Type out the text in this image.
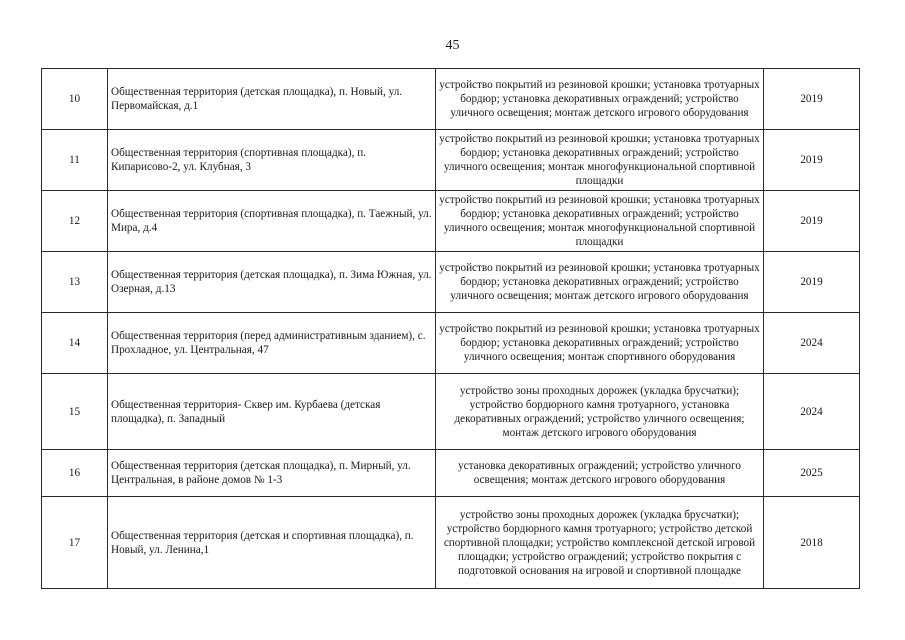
45
10	Общественная территория (детская площадка), п. Новый, ул. Первомайская, д.1	устройство покрытий из резиновой крошки; установка тротуарных бордюр; установка декоративных ограждений; устройство уличного освещения; монтаж детского игрового оборудования	2019
11	Общественная территория (спортивная площадка), п. Кипарисово-2, ул. Клубная, 3	устройство покрытий из резиновой крошки; установка тротуарных бордюр; установка декоративных ограждений; устройство уличного освещения; монтаж многофункциональной спортивной площадки	2019
12	Общественная территория (спортивная площадка), п. Таежный, ул. Мира, д.4	устройство покрытий из резиновой крошки; установка тротуарных бордюр; установка декоративных ограждений; устройство уличного освещения; монтаж многофункциональной спортивной площадки	2019
13	Общественная территория (детская площадка), п. Зима Южная, ул. Озерная, д.13	устройство покрытий из резиновой крошки; установка тротуарных бордюр; установка декоративных ограждений; устройство уличного освещения; монтаж детского игрового оборудования	2019
14	Общественная территория (перед административным зданием), с. Прохладное, ул. Центральная, 47	устройство покрытий из резиновой крошки; установка тротуарных бордюр; установка декоративных ограждений; устройство уличного освещения; монтаж спортивного оборудования	2024
15	Общественная территория- Сквер им. Курбаева (детская площадка), п. Западный	устройство зоны проходных дорожек (укладка брусчатки); устройство бордюрного камня тротуарного, установка декоративных ограждений; устройство уличного освещения; монтаж детского игрового оборудования	2024
16	Общественная территория (детская площадка), п. Мирный, ул. Центральная, в районе домов № 1-3	установка декоративных ограждений; устройство уличного освещения; монтаж детского игрового оборудования	2025
17	Общественная территория (детская и спортивная площадка), п. Новый, ул. Ленина,1	устройство зоны проходных дорожек (укладка брусчатки); устройство бордюрного камня тротуарного; устройство детской спортивной площадки; устройство комплексной детской игровой площадки; устройство ограждений; устройство покрытия с подготовкой основания на игровой и спортивной площадке	2018
